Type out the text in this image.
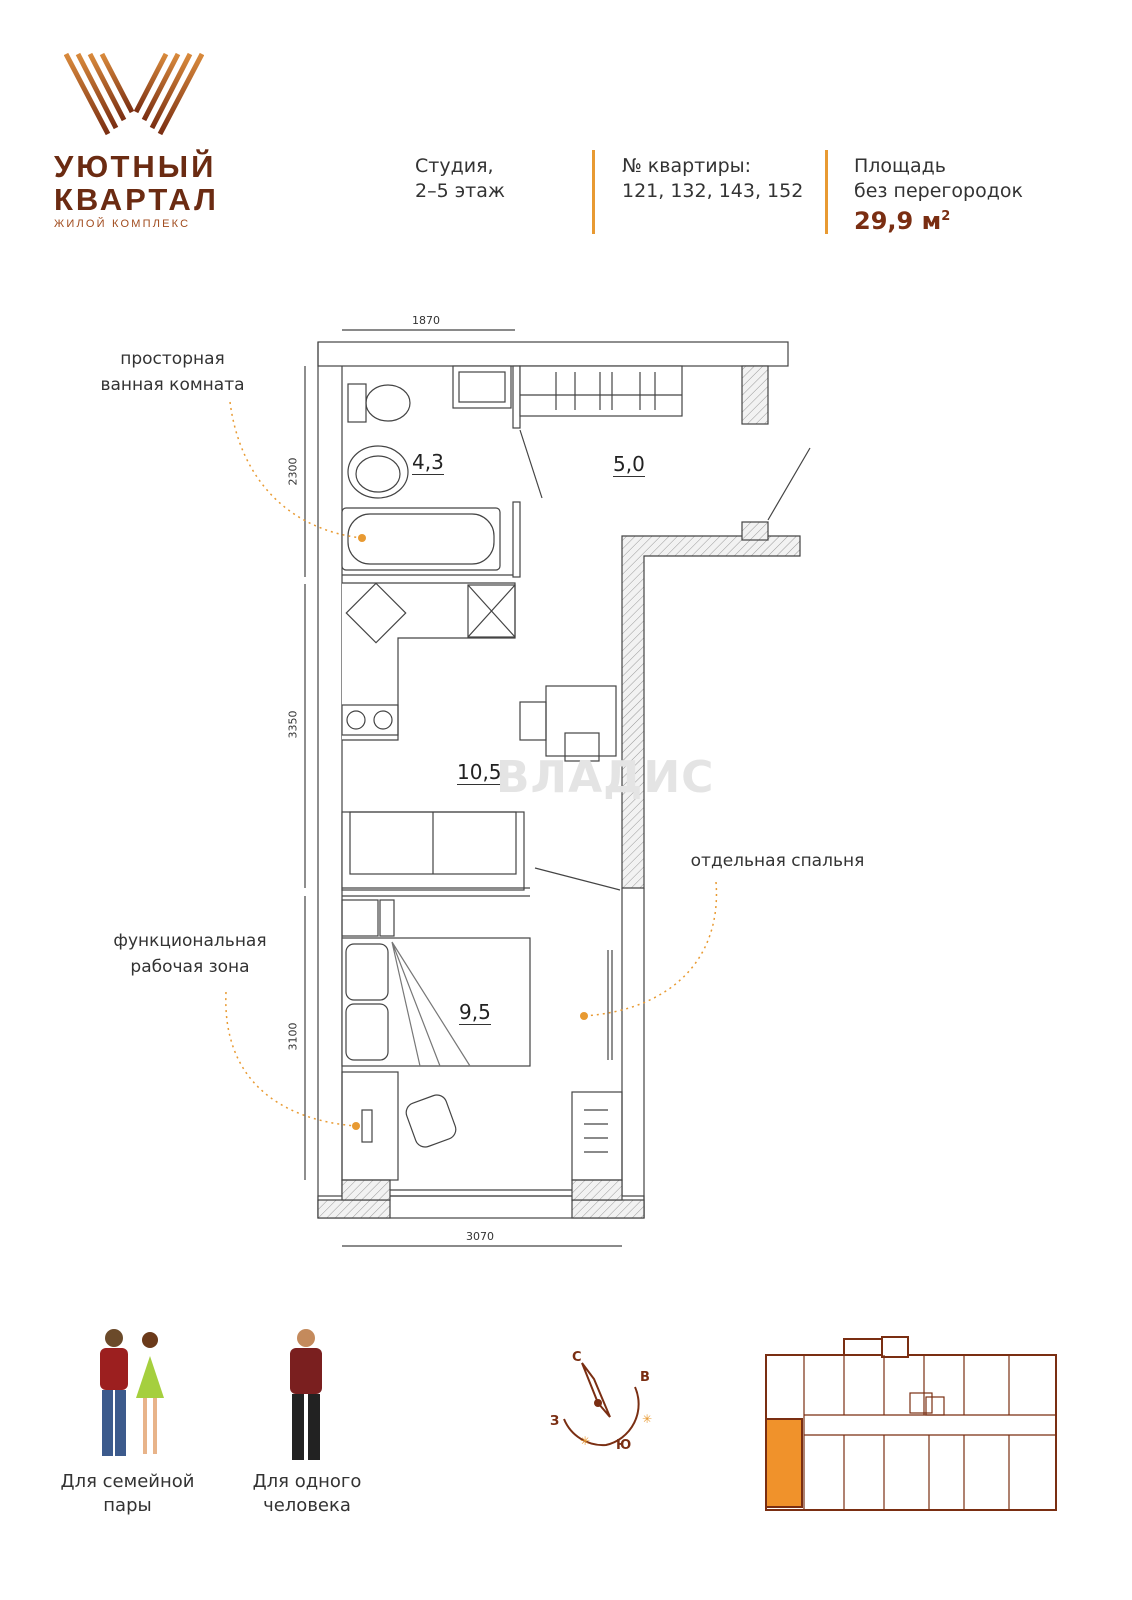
УЮТНЫЙ
КВАРТАЛ
ЖИЛОЙ КОМПЛЕКС
Студия,
2–5 этаж
№ квартиры:
121, 132, 143, 152
Площадь
без перегородок
29,9 $м^2$
просторная
ванная комната
отдельная спальня
функциональная
рабочая зона
4,3	5,0
10,5
9,5
ВЛАДИС
1870
3070
2300
3350
3100
Для семейной
пары
Для одного
человека
✳
✳
С
В
Ю
З
